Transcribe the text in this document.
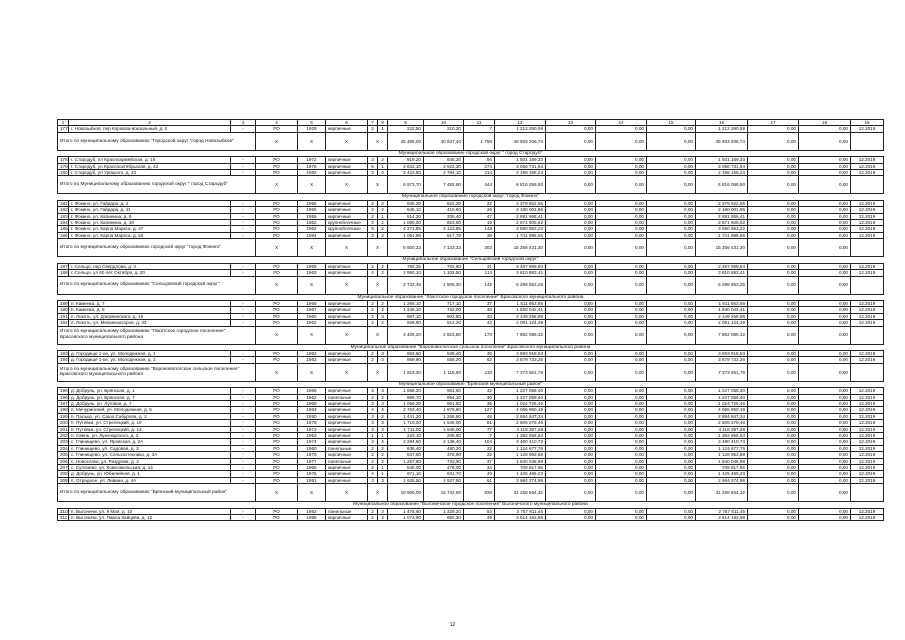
1	2	3	4	5	6	7	8	9	10	11	12	13	14	15	16	17	18	19
177	г. Новозыбков, пер Коржова-вокзальный, д. 2	-	РО	1928	кирпичные	2	1	232,50	210,20	7	1 212 290,59	0,00	0,00	0,00	1 212 290,59	0,00	0,00	12.2019
Итого по муниципальному образованию "Городской округ "город Новозыбков"			X	X	X	X		45 485,00	40 637,40	1 790	45 933 206,74	0,00	0,00	0,00	45 933 206,74	0,00	0,00	
Муниципальное образование городской округ " город Стародуб"																		
178	г. Стародуб, пл Красноармейская, д. 18	-	РО	1972	кирпичные	3	2	919,20	845,20	56	1 501 169,33	0,00	0,00	0,00	1 501 169,33	0,00	0,00	12.2019
179	г. Стародуб, ул Краснооктябрьская, д. 42	-	РО	1976	кирпичные	5	1	4 632,10	3 923,30	274	3 056 731,94	0,00	0,00	0,00	3 056 731,94	0,00	0,00	12.2019
180	г. Стародуб, ул Урицкого, д. 23	-	РО	1982	кирпичные	3	4	3 422,50	2 794,10	114	2 198 158,23	0,00	0,00	0,00	2 198 158,23	0,00	0,00	12.2019
Итого по Муниципальному образованию городской округ " город Стародуб"			X	X	X	X		8 973,70	7 482,60	444	6 816 059,50	0,00	0,00	0,00	6 816 059,50	0,00	0,00	
Муниципальное образование городской округ "город Фокино"																		
181	г. Фокино, ул. Гайдара, д. 2	-	РО	1956	кирпичные	2	2	936,20	822,20	22	2 379 922,55	0,00	0,00	0,00	2 379 922,55	0,00	0,00	12.2019
182	г. Фокино, ул. Гайдара, д. 11	-	РО	1955	кирпичные	2	2	645,10	410,60	26	2 180 001,85	0,00	0,00	0,00	2 180 001,85	0,00	0,00	12.2019
183	г. Фокино, ул. Калинина, д. 8	-	РО	1955	кирпичные	2	1	514,30	335,40	47	2 891 958,41	0,00	0,00	0,00	2 891 958,41	0,00	0,00	12.2019
184	г. Фокино, ул. Калинина, д. 10	-	РО	1952	крупноблочные	3	2	1 080,00	823,50	19	2 671 605,62	0,00	0,00	0,00	2 671 605,62	0,00	0,00	12.2019
185	г. Фокино, ул. Карла Маркса, д. 47	-	РО	1962	крупноблочные	9	2	4 271,65	4 123,85	148	3 590 953,22	0,00	0,00	0,00	3 590 953,22	0,00	0,00	12.2019
186	г. Фокино, ул. Карла Маркса, д. 52	-	РО	1984	кирпичные	3	2	1 051,98	617,78	38	1 741 988,55	0,00	0,00	0,00	1 741 988,55	0,00	0,00	12.2019
Итого по муниципальному образованию городской округ "город Фокино"			X	X	X	X		8 600,23	7 133,33	303	15 256 431,30	0,00	0,00	0,00	15 256 431,30	0,00	0,00	
Муниципальное образование "Сельцовский городской округ"																		
187	г. Сельцо, пер Свердлова, д. 3	-	РО	1958	кирпичные	2	2	782,25	702,80	31	2 487 969,84	0,00	0,00	0,00	2 487 969,84	0,00	0,00	12.2019
188	г. Сельцо, ул 60 лет Октября, д. 20	-	РО	1963	кирпичные	4	2	1 950,10	1 102,50	114	3 810 883,41	0,00	0,00	0,00	3 810 883,41	0,00	0,00	12.2019
Итого по муниципальному образованию "Сельцовский городской округ"			X	X	X	X		2 732,45	1 805,30	145	6 298 853,25	0,00	0,00	0,00	6 298 853,25	0,00	0,00	
Муниципальное образование "Локотское городское поселение" Брасовского муниципального района																		
189	п. Каменка, д. 7	-	РО	1968	кирпичные	2	2	1 265,10	717,10	37	1 811 663,88	0,00	0,00	0,00	1 811 663,88	0,00	0,00	12.2019
190	п. Каменка, д. 8	-	РО	1967	кирпичные	2	2	1 248,10	732,00	38	1 830 042,41	0,00	0,00	0,00	1 830 042,41	0,00	0,00	12.2019
191	п. Локоть, ул. Дзержинского, д. 19	-	РО	1960	кирпичные	2	3	987,10	902,50	33	2 149 258,88	0,00	0,00	0,00	2 149 258,88	0,00	0,00	12.2019
192	п. Локоть, ул. Механизаторов, д. 33	-	РО	1962	кирпичные	2	2	926,90	512,20	42	2 091 124,39	0,00	0,00	0,00	2 091 124,39	0,00	0,00	12.2019
Итого по муниципальному образованию "Локотское городское поселение" Брасовского муниципального района			X	X	X	X		4 409,20	2 823,80	170	7 882 089,32	0,00	0,00	0,00	7 882 089,32	0,00	0,00	
Муниципальное образование "Вороновологское сельское поселение" Брасовского муниципального района																		
193	д. Городище 1-ое, ул. Молодежная, д. 1	-	РО	1962	кирпичные	2	3	963,50	539,40	48	3 693 918,53	0,00	0,00	0,00	3 693 918,53	0,00	0,00	12.2019
194	д. Городище 1-ое, ул. Молодежная, д. 2	-	РО	1963	кирпичные	2	3	959,80	556,20	62	3 679 733,26	0,00	0,00	0,00	3 679 733,26	0,00	0,00	12.2019
Итого по муниципальному образованию "Вороновологское сельское поселение" Брасовского муниципального района			X	X	X	X		1 923,30	1 115,60	110	7 373 651,79	0,00	0,00	0,00	7 373 651,79	0,00	0,00	
Муниципальное образование "Брянский муниципальный район"																		
195	д. Добрунь, ул. Брянская, д. 1	-	РО	1965	кирпичные	3	3	1 558,20	951,60	42	1 227 058,40	0,00	0,00	0,00	1 227 058,40	0,00	0,00	12.2019
196	д. Добрунь, ул. Брянская, д. 7	-	РО	1962	панельные	2	2	989,70	954,10	30	1 227 059,40	0,00	0,00	0,00	1 227 059,40	0,00	0,00	12.2019
197	д. Добрунь, ул. Луговая, д. 7	-	РО	1969	кирпичные	3	3	1 056,20	961,50	35	1 024 726,46	0,00	0,00	0,00	1 024 726,46	0,00	0,00	12.2019
198	п. Мичуринский, ул. Молодежная, д. 5	-	РО	1983	кирпичные	4	4	2 763,40	1 676,80	127	4 065 850,19	0,00	0,00	0,00	4 065 850,19	0,00	0,00	12.2019
199	п. Пальцо, ул. Сашо Сабурова, д. 2	-	РО	1990	кирпичные	3	2	1 441,20	1 266,80	48	2 884 847,34	0,00	0,00	0,00	2 884 847,34	0,00	0,00	12.2019
200	п. Путевка, ул. Стрелецкий, д. 10	-	РО	1978	кирпичные	3	3	1 710,00	1 545,00	81	2 605 279,46	0,00	0,00	0,00	2 605 279,46	0,00	0,00	12.2019
201	п. Путевка, ул. Стрелецкий, д. 13	-	РО	1973	кирпичные	3	3	1 711,00	1 546,00	77	4 118 397,28	0,00	0,00	0,00	4 118 397,28	0,00	0,00	12.2019
202	п. Свень, ул. Луначарского, д. 2	-	РО	1953	кирпичные	1	1	223,10	208,80	7	1 392 656,54	0,00	0,00	0,00	1 392 656,54	0,00	0,00	12.2019
203	с. Глинищево, ул. Яровская, д. 2А	-	РО	1974	кирпичные	3	4	2 284,50	2 138,40	104	3 480 410,73	0,00	0,00	0,00	3 480 410,73	0,00	0,00	12.2019
204	с. Глинищево, ул. Садовая, д. 3	-	РО	1960	панельные	2	2	636,40	480,20	22	1 124 677,76	0,00	0,00	0,00	1 124 677,76	0,00	0,00	12.2019
205	с. Глинищево, ул. Сельхозтехника, д. 3А	-	РО	1979	кирпичные	2	2	637,50	375,90	22	1 128 953,88	0,00	0,00	0,00	1 128 953,88	0,00	0,00	12.2019
206	с. Новоселки, ул. Раздуева, д. 2	-	РО	1977	панельные	2	2	1 257,60	733,90	37	1 840 048,98	0,00	0,00	0,00	1 840 048,98	0,00	0,00	12.2019
207	с. Супонево, ул. Комсомольская, д. 14	-	РО	1966	кирпичные	2	1	538,00	476,00	34	708 817,66	0,00	0,00	0,00	708 817,66	0,00	0,00	12.2019
208	д. Добрунь, ул. Юбилейная, д. 1	-	РО	1975	кирпичные	4	1	971,10	931,70	49	1 425 465,23	0,00	0,00	0,00	1 425 465,23	0,00	0,00	12.2019
209	п. Отрадное, ул. Ливина, д. 4А	-	РО	1981	кирпичные	3	3	1 626,50	1 527,60	61	2 984 274,96	0,00	0,00	0,00	2 984 274,96	0,00	0,00	12.2019
Итого по муниципальному образованию "Брянский муниципальный район"			X	X	X	X		19 906,00	15 742,80	836	31 258 664,32	0,00	0,00	0,00	31 258 664,32	0,00	0,00	
Муниципальное образование "Выгоничское городское поселение" Выгоничского муниципального района																		
210	п. Выгоничи, ул. 9 Мая, д. 10	-	РО	1982	панельные	2	3	1 476,60	1 329,20	54	2 757 811,45	0,00	0,00	0,00	2 757 811,45	0,00	0,00	12.2019
211	п. Выгоничи, ул. Павла Зайцева, д. 12	-	РО	1985	кирпичные	2	3	1 073,90	850,30	39	3 614 183,96	0,00	0,00	0,00	3 614 183,96	0,00	0,00	12.2019
12
